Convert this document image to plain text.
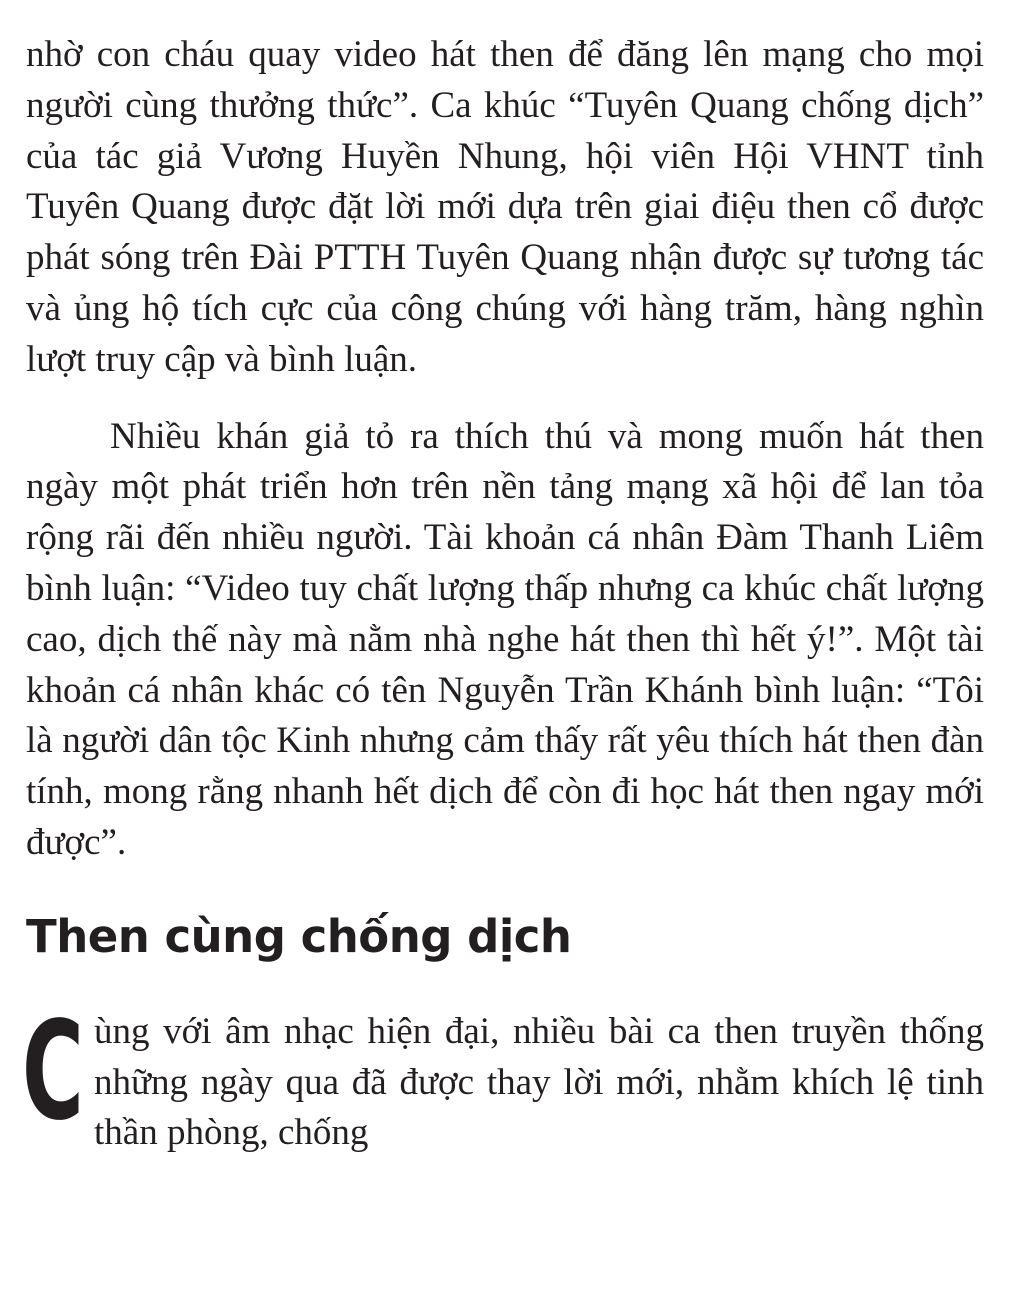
nhờ con cháu quay video hát then để đăng lên mạng cho mọi người cùng thưởng thức”. Ca khúc “Tuyên Quang chống dịch” của tác giả Vương Huyền Nhung, hội viên Hội VHNT tỉnh Tuyên Quang được đặt lời mới dựa trên giai điệu then cổ được phát sóng trên Đài PTTH Tuyên Quang nhận được sự tương tác và ủng hộ tích cực của công chúng với hàng trăm, hàng nghìn lượt truy cập và bình luận.

Nhiều khán giả tỏ ra thích thú và mong muốn hát then ngày một phát triển hơn trên nền tảng mạng xã hội để lan tỏa rộng rãi đến nhiều người. Tài khoản cá nhân Đàm Thanh Liêm bình luận: “Video tuy chất lượng thấp nhưng ca khúc chất lượng cao, dịch thế này mà nằm nhà nghe hát then thì hết ý!”. Một tài khoản cá nhân khác có tên Nguyễn Trần Khánh bình luận: “Tôi là người dân tộc Kinh nhưng cảm thấy rất yêu thích hát then đàn tính, mong rằng nhanh hết dịch để còn đi học hát then ngay mới được”.

Then cùng chống dịch

C ùng với âm nhạc hiện đại, nhiều bài ca then truyền thống những ngày qua đã được thay lời mới, nhằm khích lệ tinh thần phòng, chống
